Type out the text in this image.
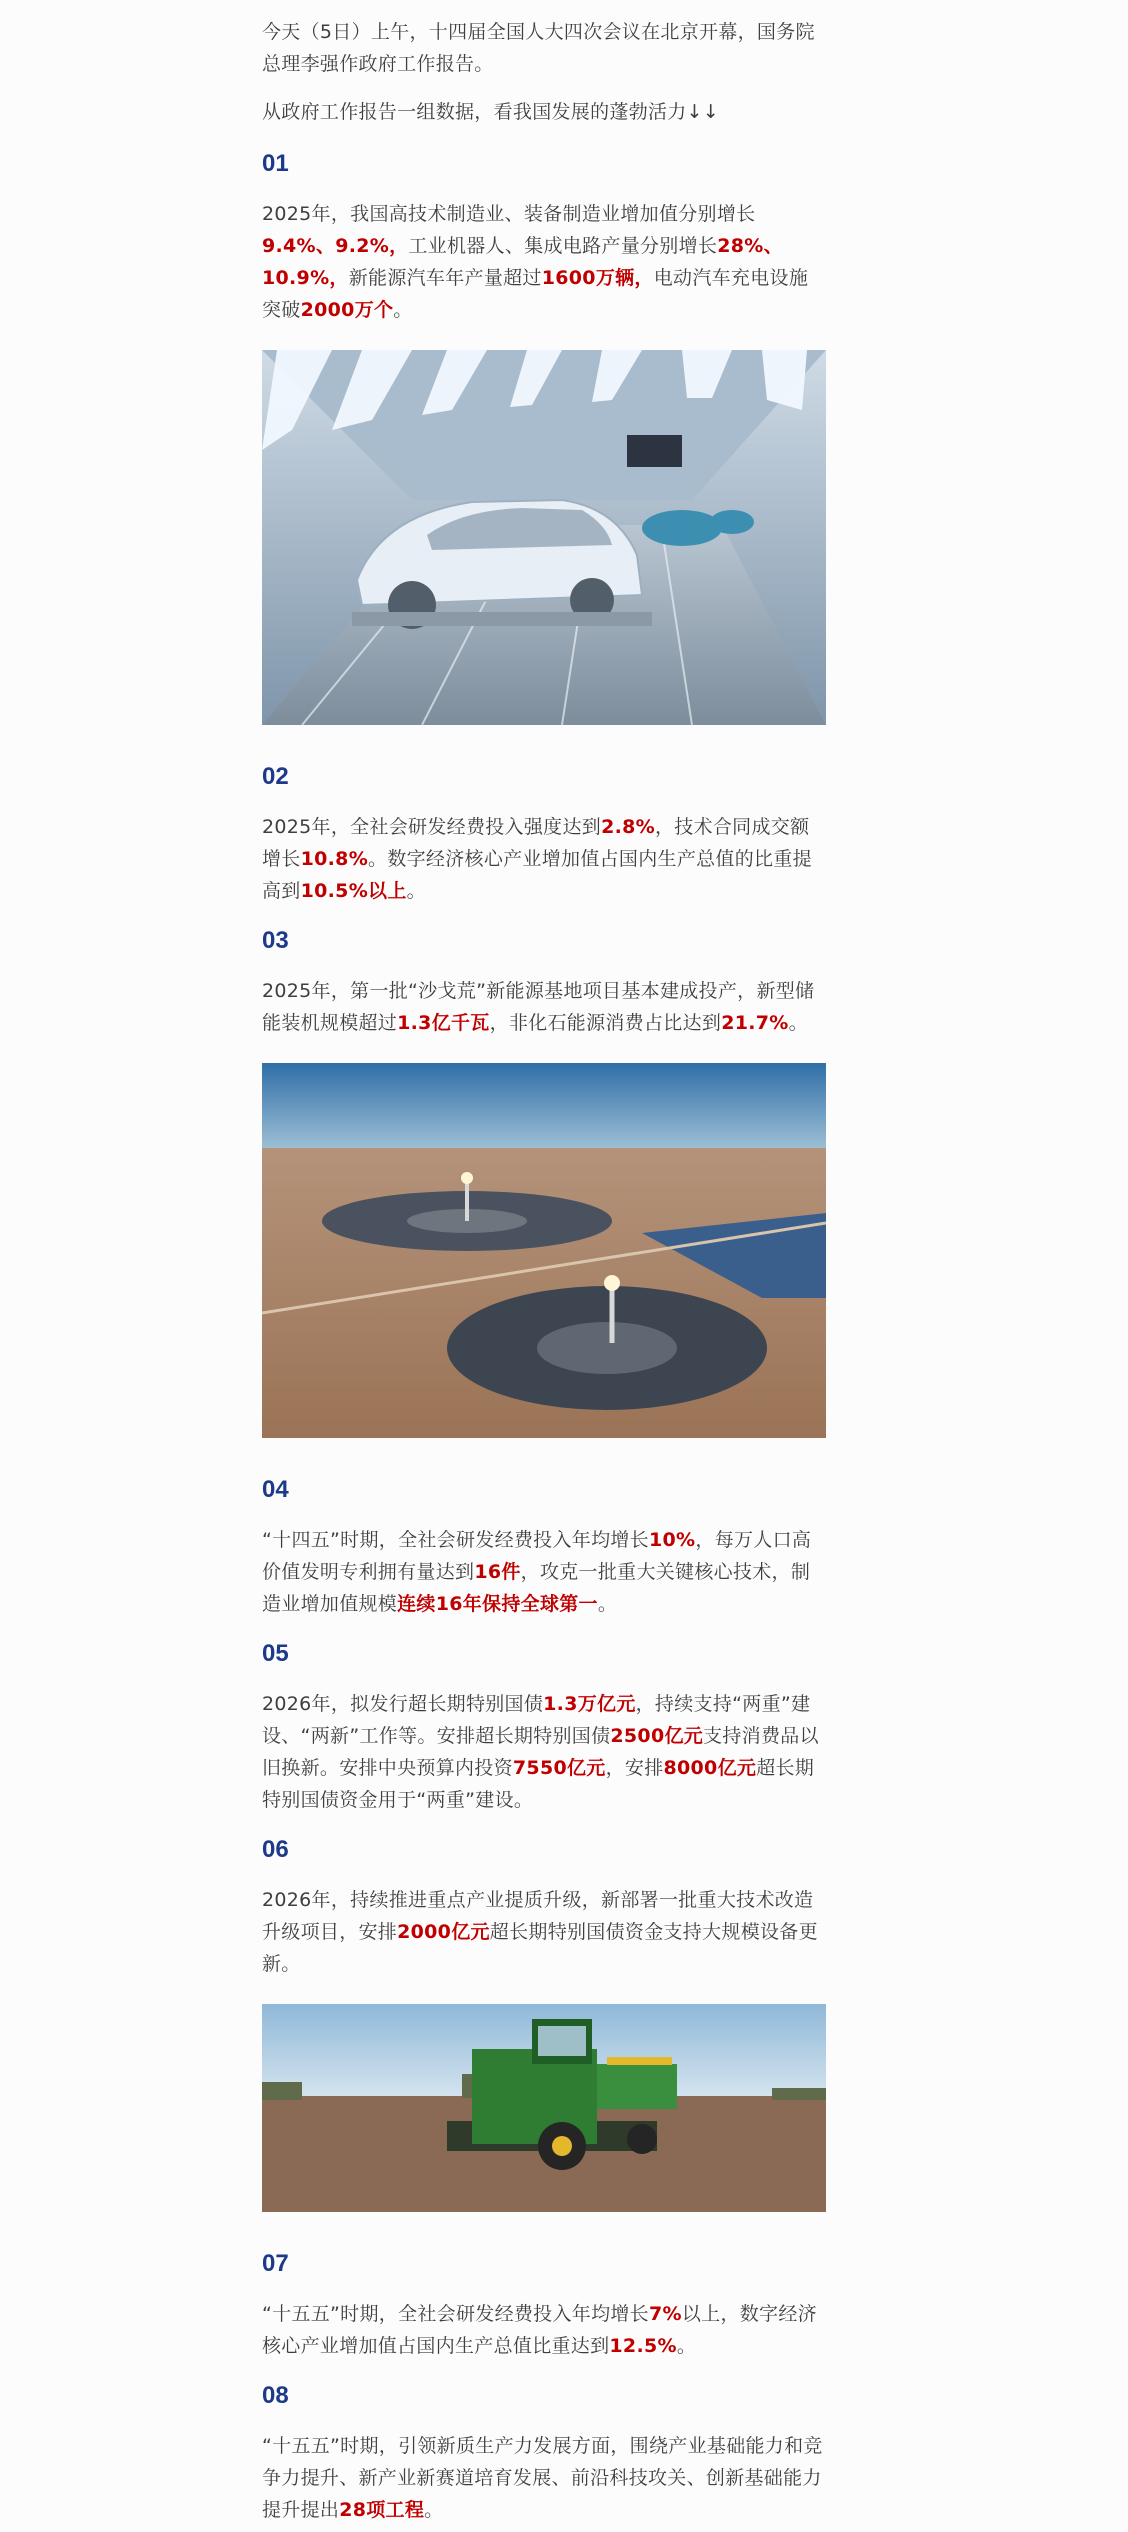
今天（5日）上午，十四届全国人大四次会议在北京开幕，国务院总理李强作政府工作报告。

从政府工作报告一组数据，看我国发展的蓬勃活力↓↓

01

2025年，我国高技术制造业、装备制造业增加值分别增长9.4%、9.2%，工业机器人、集成电路产量分别增长28%、10.9%，新能源汽车年产量超过1600万辆，电动汽车充电设施突破2000万个。

02

2025年，全社会研发经费投入强度达到2.8%，技术合同成交额增长10.8%。数字经济核心产业增加值占国内生产总值的比重提高到10.5%以上。

03

2025年，第一批“沙戈荒”新能源基地项目基本建成投产，新型储能装机规模超过1.3亿千瓦，非化石能源消费占比达到21.7%。

04

“十四五”时期，全社会研发经费投入年均增长10%，每万人口高价值发明专利拥有量达到16件，攻克一批重大关键核心技术，制造业增加值规模连续16年保持全球第一。

05

2026年，拟发行超长期特别国债1.3万亿元，持续支持“两重”建设、“两新”工作等。安排超长期特别国债2500亿元支持消费品以旧换新。安排中央预算内投资7550亿元，安排8000亿元超长期特别国债资金用于“两重”建设。

06

2026年，持续推进重点产业提质升级，新部署一批重大技术改造升级项目，安排2000亿元超长期特别国债资金支持大规模设备更新。

07

“十五五”时期，全社会研发经费投入年均增长7%以上，数字经济核心产业增加值占国内生产总值比重达到12.5%。

08

“十五五”时期，引领新质生产力发展方面，围绕产业基础能力和竞争力提升、新产业新赛道培育发展、前沿科技攻关、创新基础能力提升提出28项工程。
